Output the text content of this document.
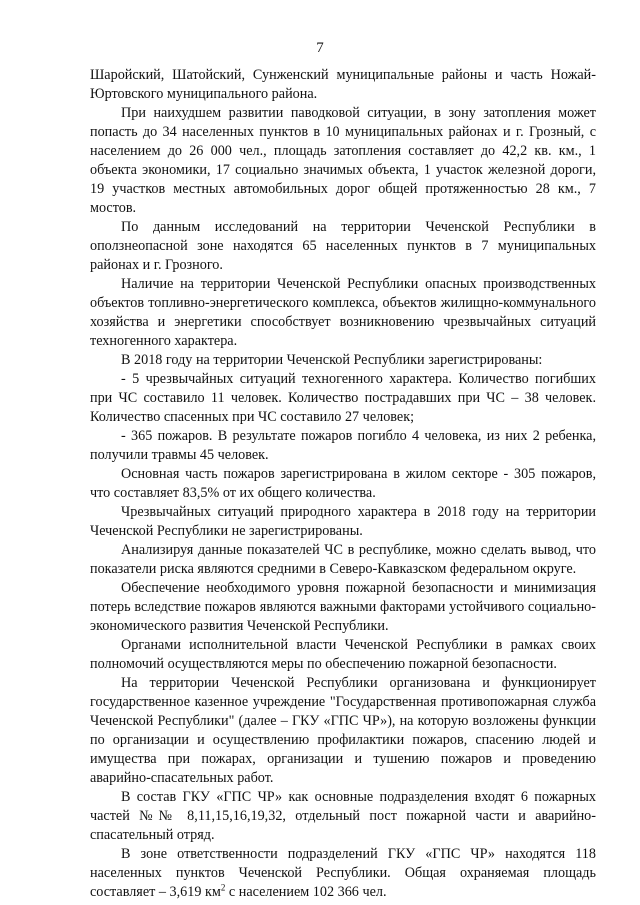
7

Шаройский, Шатойский, Сунженский муниципальные районы и часть Ножай-Юртовского муниципального района.

При наихудшем развитии паводковой ситуации, в зону затопления может попасть до 34 населенных пунктов в 10 муниципальных районах и г. Грозный, с населением до 26 000 чел., площадь затопления составляет до 42,2 кв. км., 1 объекта экономики, 17 социально значимых объекта, 1 участок железной дороги, 19 участков местных автомобильных дорог общей протяженностью 28 км., 7 мостов.

По данным исследований на территории Чеченской Республики в оползнеопасной зоне находятся 65 населенных пунктов в 7 муниципальных районах и г. Грозного.

Наличие на территории Чеченской Республики опасных производственных объектов топливно-энергетического комплекса, объектов жилищно-коммунального хозяйства и энергетики способствует возникновению чрезвычайных ситуаций техногенного характера.

В 2018 году на территории Чеченской Республики зарегистрированы:

- 5 чрезвычайных ситуаций техногенного характера. Количество погибших при ЧС составило 11 человек. Количество пострадавших при ЧС – 38 человек. Количество спасенных при ЧС составило 27 человек;

- 365 пожаров. В результате пожаров погибло 4 человека, из них 2 ребенка, получили травмы 45 человек.

Основная часть пожаров зарегистрирована в жилом секторе - 305 пожаров, что составляет 83,5% от их общего количества.

Чрезвычайных ситуаций природного характера в 2018 году на территории Чеченской Республики не зарегистрированы.

Анализируя данные показателей ЧС в республике, можно сделать вывод, что показатели риска являются средними в Северо-Кавказском федеральном округе.

Обеспечение необходимого уровня пожарной безопасности и минимизация потерь вследствие пожаров являются важными факторами устойчивого социально-экономического развития Чеченской Республики.

Органами исполнительной власти Чеченской Республики в рамках своих полномочий осуществляются меры по обеспечению пожарной безопасности.

На территории Чеченской Республики организована и функционирует государственное казенное учреждение "Государственная противопожарная служба Чеченской Республики" (далее – ГКУ «ГПС ЧР»), на которую возложены функции по организации и осуществлению профилактики пожаров, спасению людей и имущества при пожарах, организации и тушению пожаров и проведению аварийно-спасательных работ.

В состав ГКУ «ГПС ЧР» как основные подразделения входят 6 пожарных частей №№ 8,11,15,16,19,32, отдельный пост пожарной части и аварийно-спасательный отряд.

В зоне ответственности подразделений ГКУ «ГПС ЧР» находятся 118 населенных пунктов Чеченской Республики. Общая охраняемая площадь составляет – 3,619 $км^2$ с населением 102 366 чел.
